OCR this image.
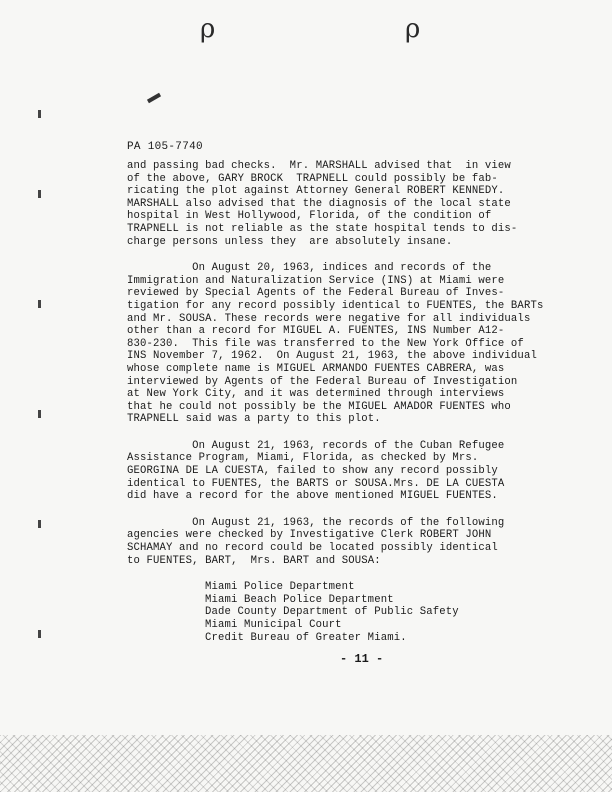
ρ	ρ
PA 105-7740
and passing bad checks.  Mr. MARSHALL advised that  in view
of the above, GARY BROCK  TRAPNELL could possibly be fab-
ricating the plot against Attorney General ROBERT KENNEDY.
MARSHALL also advised that the diagnosis of the local state
hospital in West Hollywood, Florida, of the condition of
TRAPNELL is not reliable as the state hospital tends to dis-
charge persons unless they  are absolutely insane.
On August 20, 1963, indices and records of the
Immigration and Naturalization Service (INS) at Miami were
reviewed by Special Agents of the Federal Bureau of Inves-
tigation for any record possibly identical to FUENTES, the BARTs
and Mr. SOUSA. These records were negative for all individuals
other than a record for MIGUEL A. FUENTES, INS Number A12-
830-230.  This file was transferred to the New York Office of
INS November 7, 1962.  On August 21, 1963, the above individual
whose complete name is MIGUEL ARMANDO FUENTES CABRERA, was
interviewed by Agents of the Federal Bureau of Investigation
at New York City, and it was determined through interviews
that he could not possibly be the MIGUEL AMADOR FUENTES who
TRAPNELL said was a party to this plot.
On August 21, 1963, records of the Cuban Refugee
Assistance Program, Miami, Florida, as checked by Mrs.
GEORGINA DE LA CUESTA, failed to show any record possibly
identical to FUENTES, the BARTS or SOUSA.Mrs. DE LA CUESTA
did have a record for the above mentioned MIGUEL FUENTES.
On August 21, 1963, the records of the following
agencies were checked by Investigative Clerk ROBERT JOHN
SCHAMAY and no record could be located possibly identical
to FUENTES, BART,  Mrs. BART and SOUSA:
Miami Police Department
Miami Beach Police Department
Dade County Department of Public Safety
Miami Municipal Court
Credit Bureau of Greater Miami.
- 11 -
